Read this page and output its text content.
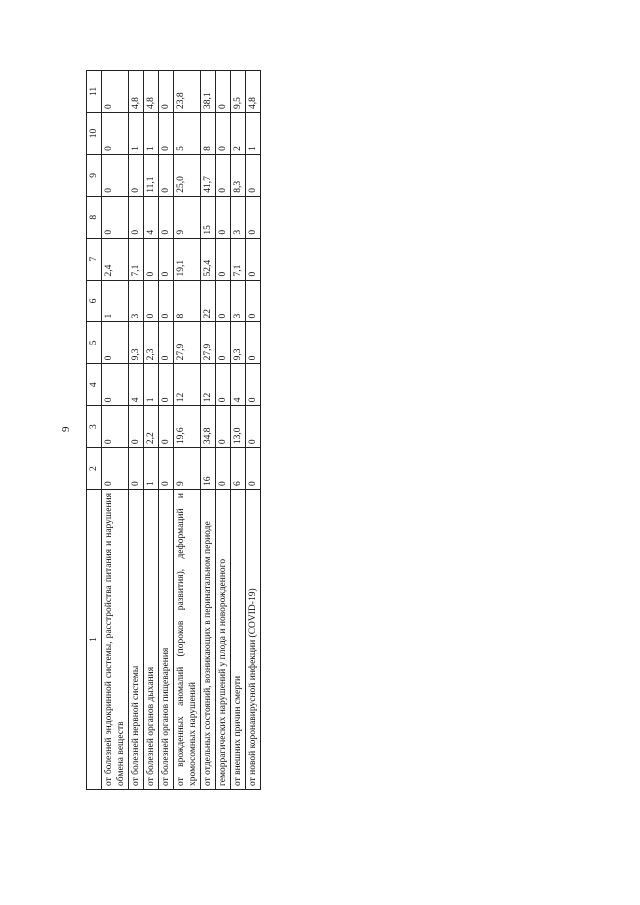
9
1	2	3	4	5	6	7	8	9	10	11
от болезней эндокринной системы, расстройства питания и нарушения обмена веществ	0	0	0	0	1	2,4	0	0	0	0
от болезней нервной системы	0	0	4	9,3	3	7,1	0	0	1	4,8
от болезней органов дыхания	1	2,2	1	2,3	0	0	4	11,1	1	4,8
от болезней органов пищеварения	0	0	0	0	0	0	0	0	0	0
от врожденных аномалий (пороков развития), деформаций и хромосомных нарушений	9	19,6	12	27,9	8	19,1	9	25,0	5	23,8
от отдельных состояний, возникающих в перинатальном периоде	16	34,8	12	27,9	22	52,4	15	41,7	8	38,1
геморрагических нарушений у плода и новорожденного	0	0	0	0	0	0	0	0	0	0
от внешних причин смерти	6	13,0	4	9,3	3	7,1	3	8,3	2	9,5
от новой коронавирусной инфекции (COVID-19)	0	0	0	0	0	0	0	0	1	4,8
